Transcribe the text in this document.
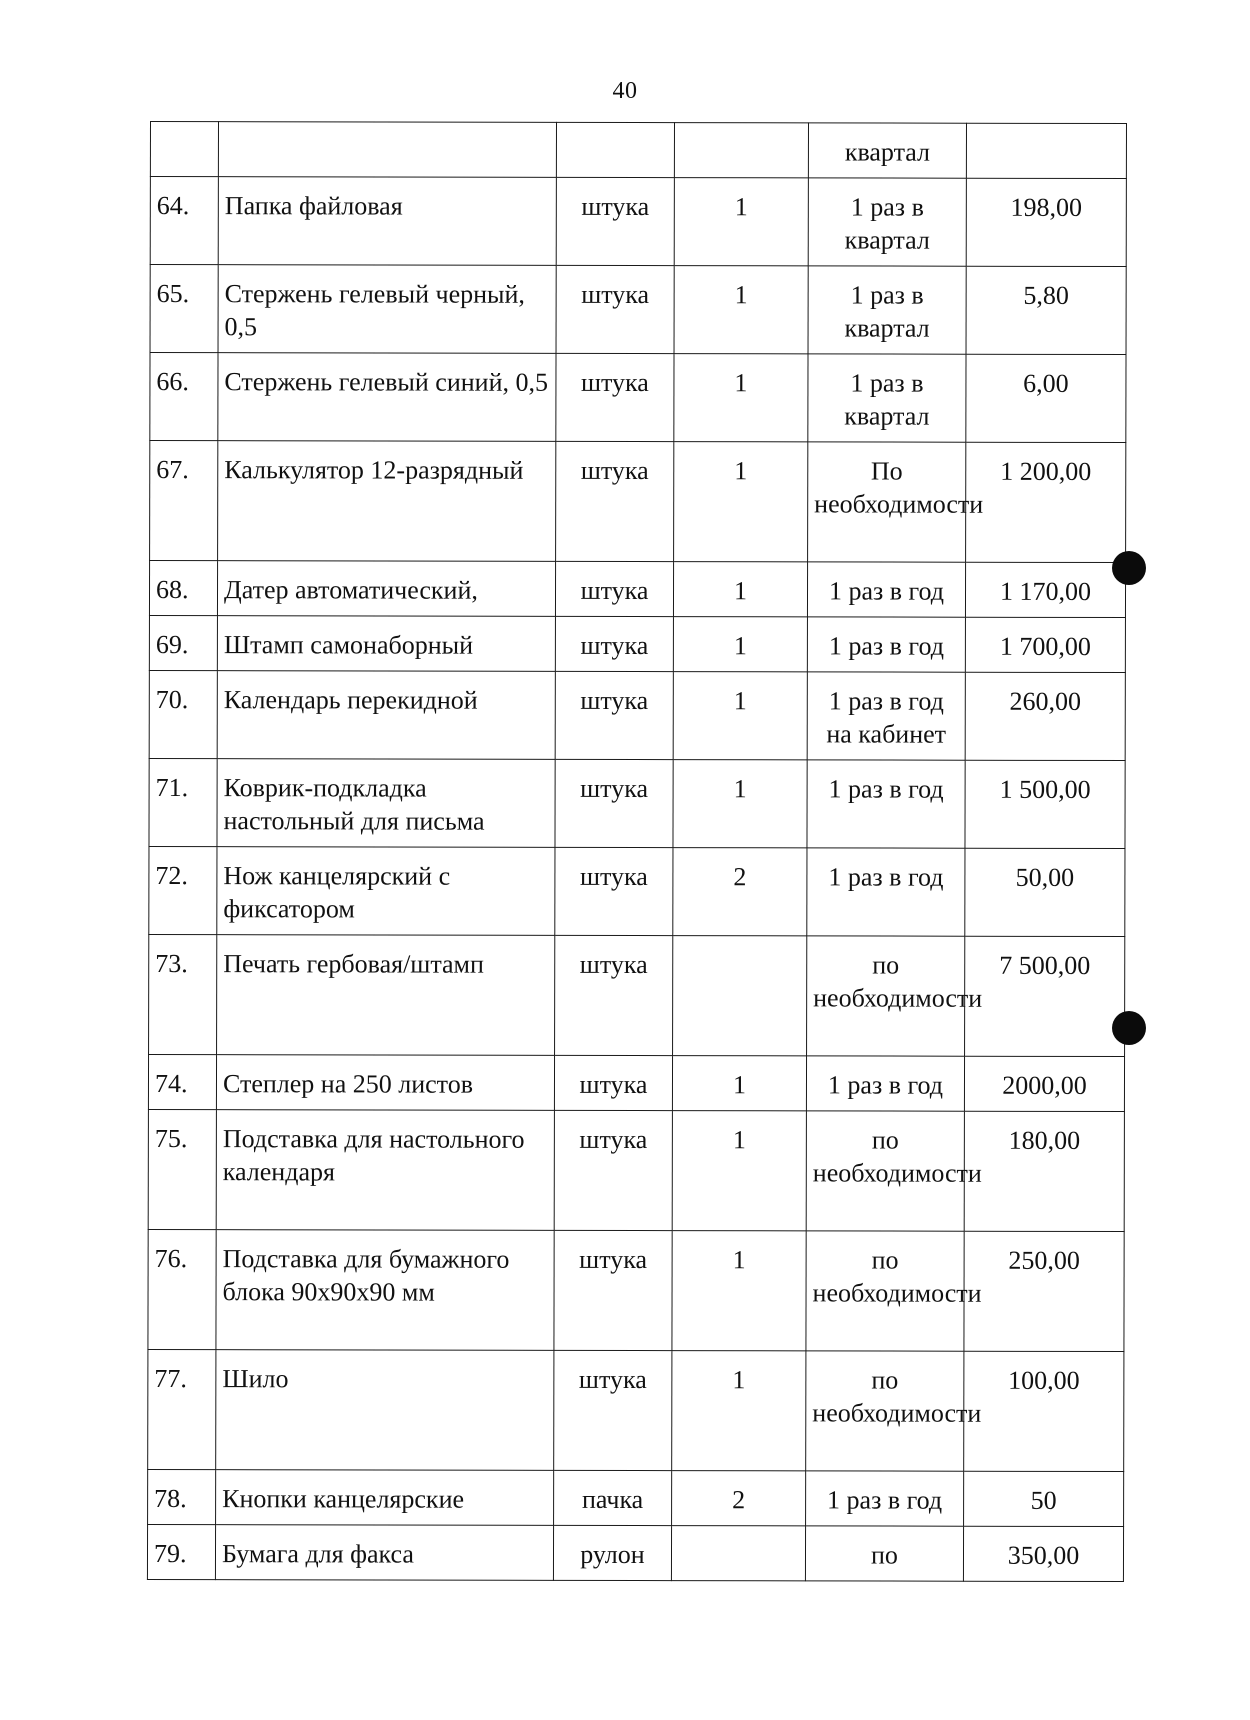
40
				квартал	
64.	Папка файловая	штука	1	1 раз в квартал	198,00
65.	Стержень гелевый черный, 0,5	штука	1	1 раз в квартал	5,80
66.	Стержень гелевый синий, 0,5	штука	1	1 раз в квартал	6,00
67.	Калькулятор 12-разрядный	штука	1	По необходимости	1 200,00
68.	Датер автоматический,	штука	1	1 раз в год	1 170,00
69.	Штамп самонаборный	штука	1	1 раз в год	1 700,00
70.	Календарь перекидной	штука	1	1 раз в год на кабинет	260,00
71.	Коврик-подкладка настольный для письма	штука	1	1 раз в год	1 500,00
72.	Нож канцелярский с фиксатором	штука	2	1 раз в год	50,00
73.	Печать гербовая/штамп	штука		по необходимости	7 500,00
74.	Степлер на 250 листов	штука	1	1 раз в год	2000,00
75.	Подставка для настольного календаря	штука	1	по необходимости	180,00
76.	Подставка для бумажного блока 90х90х90 мм	штука	1	по необходимости	250,00
77.	Шило	штука	1	по необходимости	100,00
78.	Кнопки канцелярские	пачка	2	1 раз в год	50
79.	Бумага для факса	рулон		по	350,00
